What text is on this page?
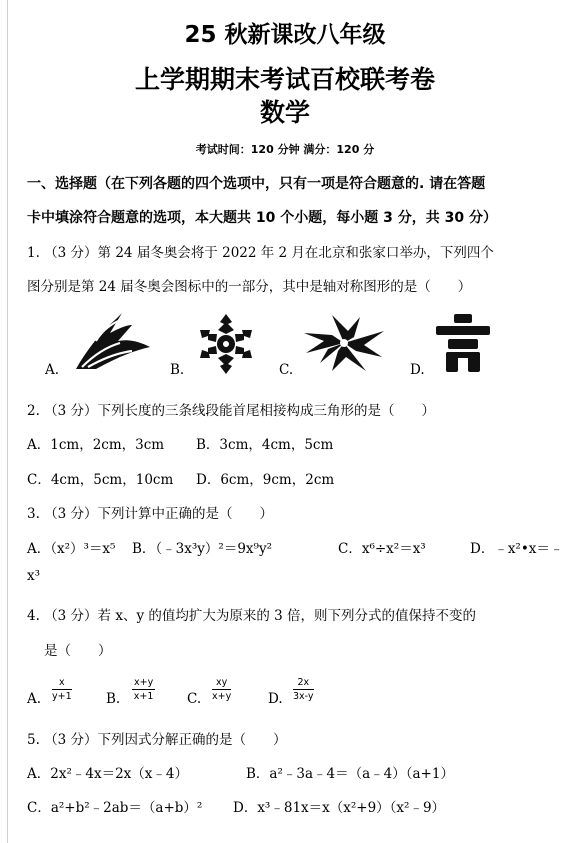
25 秋新课改八年级
上学期期末考试百校联考卷
数学
考试时间：120 分钟 满分：120 分
一、选择题（在下列各题的四个选项中，只有一项是符合题意的. 请在答题
卡中填涂符合题意的选项，本大题共 10 个小题，每小题 3 分，共 30 分）
1. （3 分）第 24 届冬奥会将于 2022 年 2 月在北京和张家口举办，下列四个
图分别是第 24 届冬奥会图标中的一部分，其中是轴对称图形的是（　　）
A.	B.	C.	D.
2. （3 分）下列长度的三条线段能首尾相接构成三角形的是（　　）
A．1cm，2cm，3cm B．3cm，4cm，5cm
C．4cm，5cm，10cm D．6cm，9cm，2cm
3. （3 分）下列计算中正确的是（　　）
A．（x²）³＝x⁵ B．（﹣3x³y）²＝9x⁹y²	C．x⁶÷x²＝x³	D．﹣x²•x＝﹣
x³
4. （3 分）若 x、y 的值均扩大为原来的 3 倍，则下列分式的值保持不变的
是（　　）
A. $\frac{x}{y+1}$	B. $\frac{x+y}{x+1} C$. $\frac{xy}{x+y}$	D. $\frac{2x}{3x-y}$
5. （3 分）下列因式分解正确的是（　　）
A．2x²﹣4x＝2x（x﹣4）	B．a²﹣3a﹣4＝（a﹣4）（a+1）
C．a²+b²﹣2ab＝（a+b）² D．x³﹣81x＝x（x²+9）（x²﹣9）
